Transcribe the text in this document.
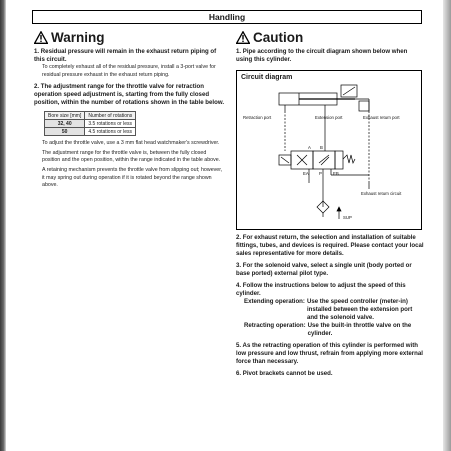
Handling
Warning
1. Residual pressure will remain in the exhaust return piping of this circuit.
To completely exhaust all of the residual pressure, install a 3-port valve for residual pressure exhaust in the exhaust return piping.
2. The adjustment range for the throttle valve for retraction operation speed adjustment is, starting from the fully closed position, within the number of rotations shown in the table below.
Bore size [mm]	Number of rotations
32, 40	3.5 rotations or less
50	4.5 rotations or less
To adjust the throttle valve, use a 3 mm flat head watchmaker's screwdriver.
The adjustment range for the throttle valve is, between the fully closed position and the open position, within the range indicated in the table above.
A retaining mechanism prevents the throttle valve from slipping out; however, it may spring out during operation if it is rotated beyond the range shown above.
Caution
1. Pipe according to the circuit diagram shown below when using this cylinder.
Circuit diagram
Retraction port	Extension port	Exhaust return port
A B
EA P	EB
Exhaust return circuit
SUP
2. For exhaust return, the selection and installation of suitable fittings, tubes, and devices is required. Please contact your local sales representative for more details.
3. For the solenoid valve, select a single unit (body ported or base ported) external pilot type.
4. Follow the instructions below to adjust the speed of this cylinder.
Extending operation: Use the speed controller (meter-in) installed between the extension port and the solenoid valve.
Retracting operation: Use the built-in throttle valve on the cylinder.
5. As the retracting operation of this cylinder is performed with low pressure and low thrust, refrain from applying more external force than necessary.
6. Pivot brackets cannot be used.
